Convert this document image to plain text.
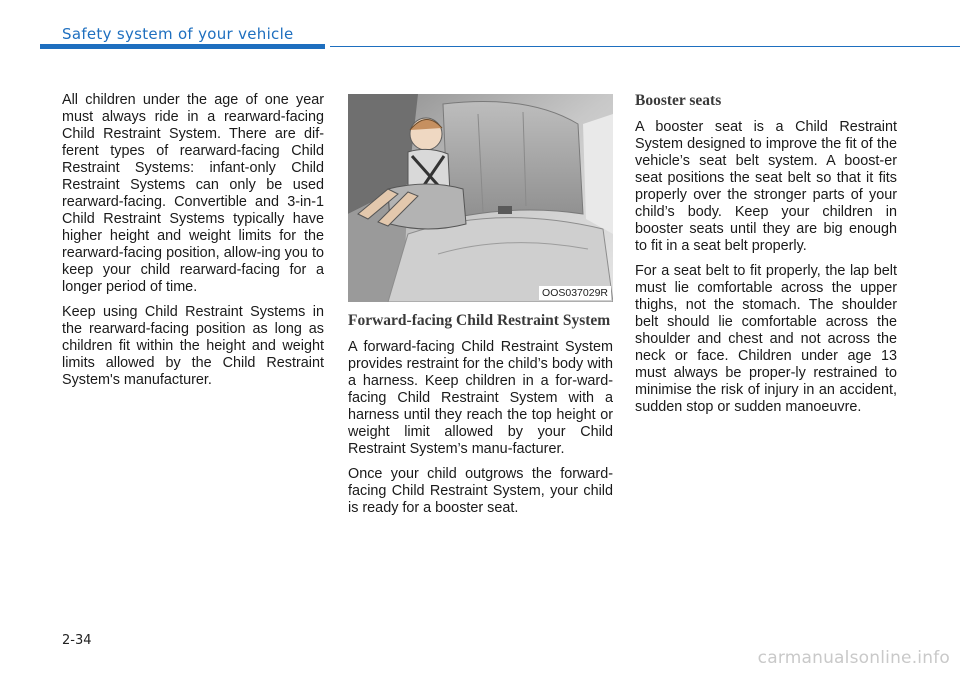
Safety system of your vehicle

All children under the age of one year must always ride in a rearward-facing Child Restraint System. There are dif-ferent types of rearward-facing Child Restraint Systems: infant-only Child Restraint Systems can only be used rearward-facing. Convertible and 3-in-1 Child Restraint Systems typically have higher height and weight limits for the rearward-facing position, allow-ing you to keep your child rearward-facing for a longer period of time.

Keep using Child Restraint Systems in the rearward-facing position as long as children fit within the height and weight limits allowed by the Child Restraint System's manufacturer.

OOS037029R
Forward-facing Child Restraint System

A forward-facing Child Restraint System provides restraint for the child’s body with a harness. Keep children in a for-ward-facing Child Restraint System with a harness until they reach the top height or weight limit allowed by your Child Restraint System’s manu-facturer.

Once your child outgrows the forward-facing Child Restraint System, your child is ready for a booster seat.

Booster seats

A booster seat is a Child Restraint System designed to improve the fit of the vehicle’s seat belt system. A boost-er seat positions the seat belt so that it fits properly over the stronger parts of your child’s body. Keep your children in booster seats until they are big enough to fit in a seat belt properly.

For a seat belt to fit properly, the lap belt must lie comfortable across the upper thighs, not the stomach. The shoulder belt should lie comfortable across the shoulder and chest and not across the neck or face. Children under age 13 must always be proper-ly restrained to minimise the risk of injury in an accident, sudden stop or sudden manoeuvre.

2-34
carmanualsonline.info
